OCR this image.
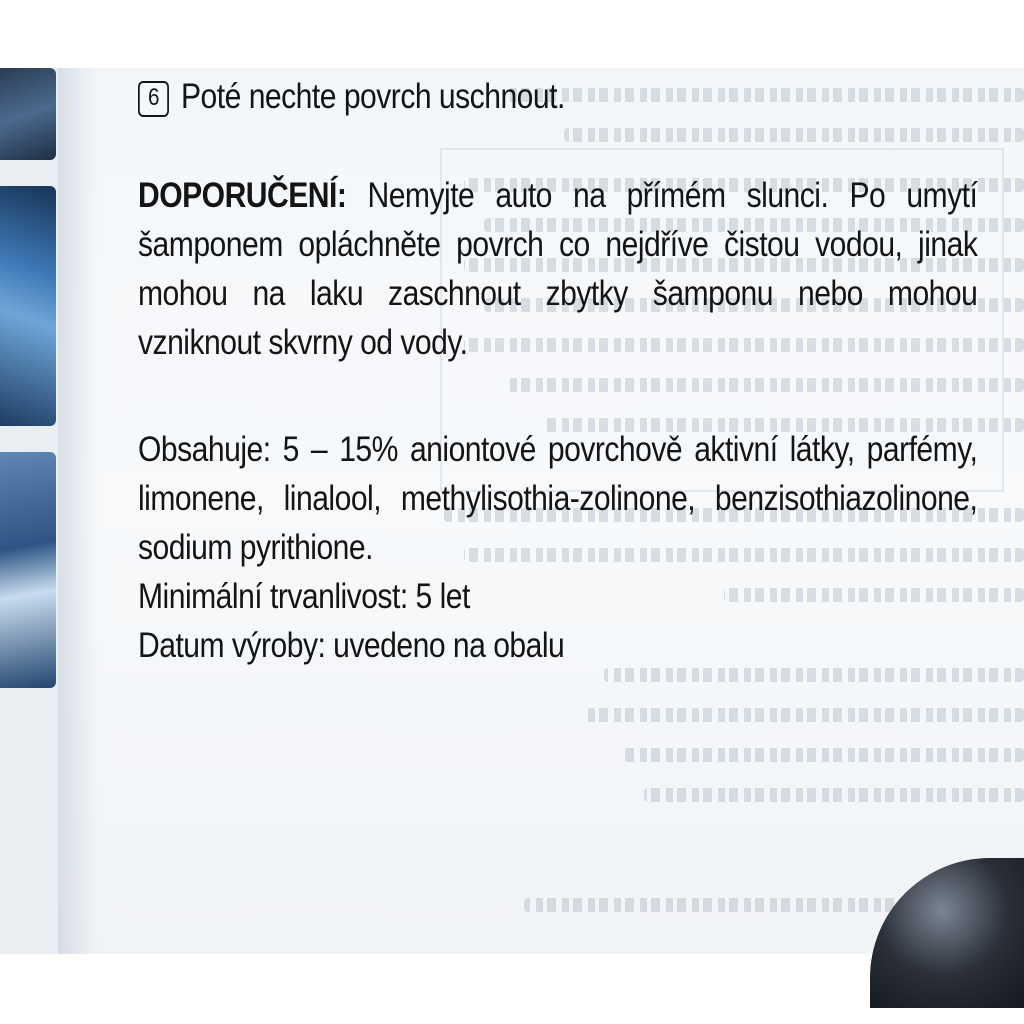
6 Poté nechte povrch uschnout.
DOPORUČENÍ: Nemyjte auto na přímém slunci. Po umytí šamponem opláchněte povrch co nejdříve čistou vodou, jinak mohou na laku zaschnout zbytky šamponu nebo mohou vzniknout skvrny od vody.
Obsahuje: 5 – 15% aniontové povrchově aktivní látky, parfémy, limonene, linalool, methylisothia-zolinone, benzisothiazolinone, sodium pyrithione.
Minimální trvanlivost: 5 let
Datum výroby: uvedeno na obalu
